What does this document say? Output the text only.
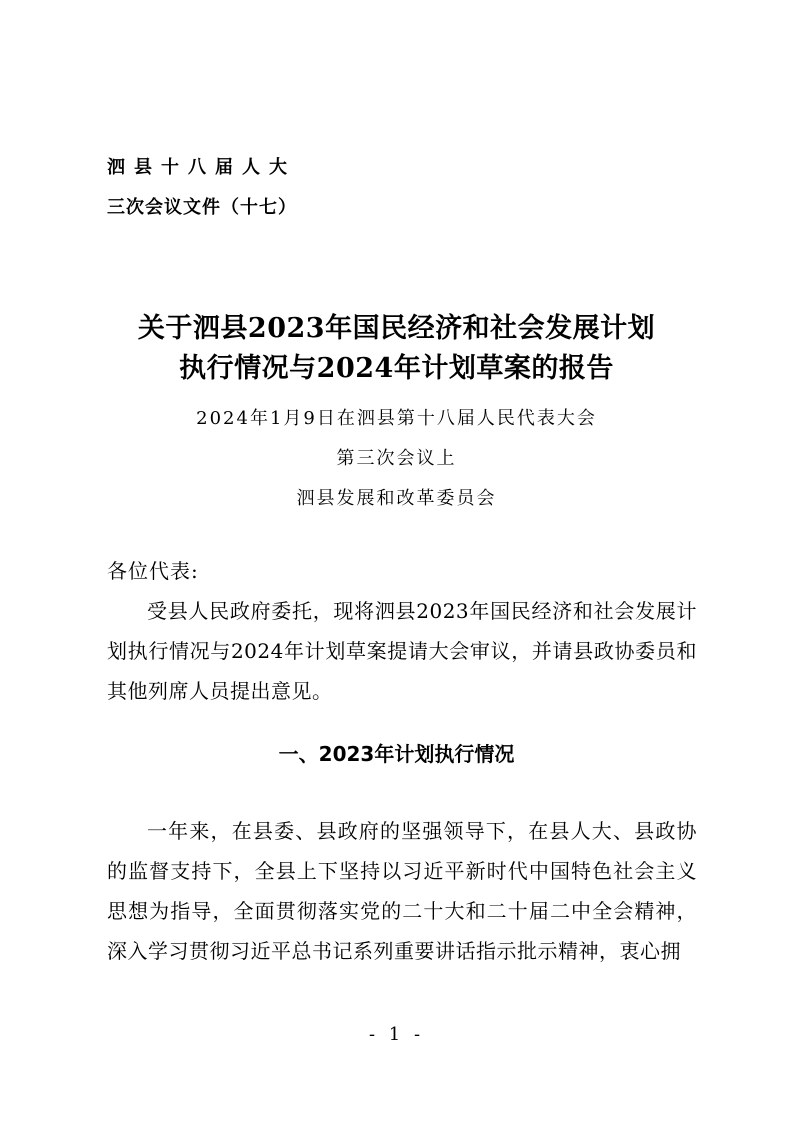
泗县十八届人大
三次会议文件（十七）
关于泗县2023年国民经济和社会发展计划
执行情况与2024年计划草案的报告
2024年1月9日在泗县第十八届人民代表大会
第三次会议上
泗县发展和改革委员会
各位代表:

受县人民政府委托，现将泗县2023年国民经济和社会发展计划执行情况与2024年计划草案提请大会审议，并请县政协委员和其他列席人员提出意见。

一、2023年计划执行情况

一年来，在县委、县政府的坚强领导下，在县人大、县政协的监督支持下，全县上下坚持以习近平新时代中国特色社会主义思想为指导，全面贯彻落实党的二十大和二十届二中全会精神，深入学习贯彻习近平总书记系列重要讲话指示批示精神，衷心拥

- 1 -
